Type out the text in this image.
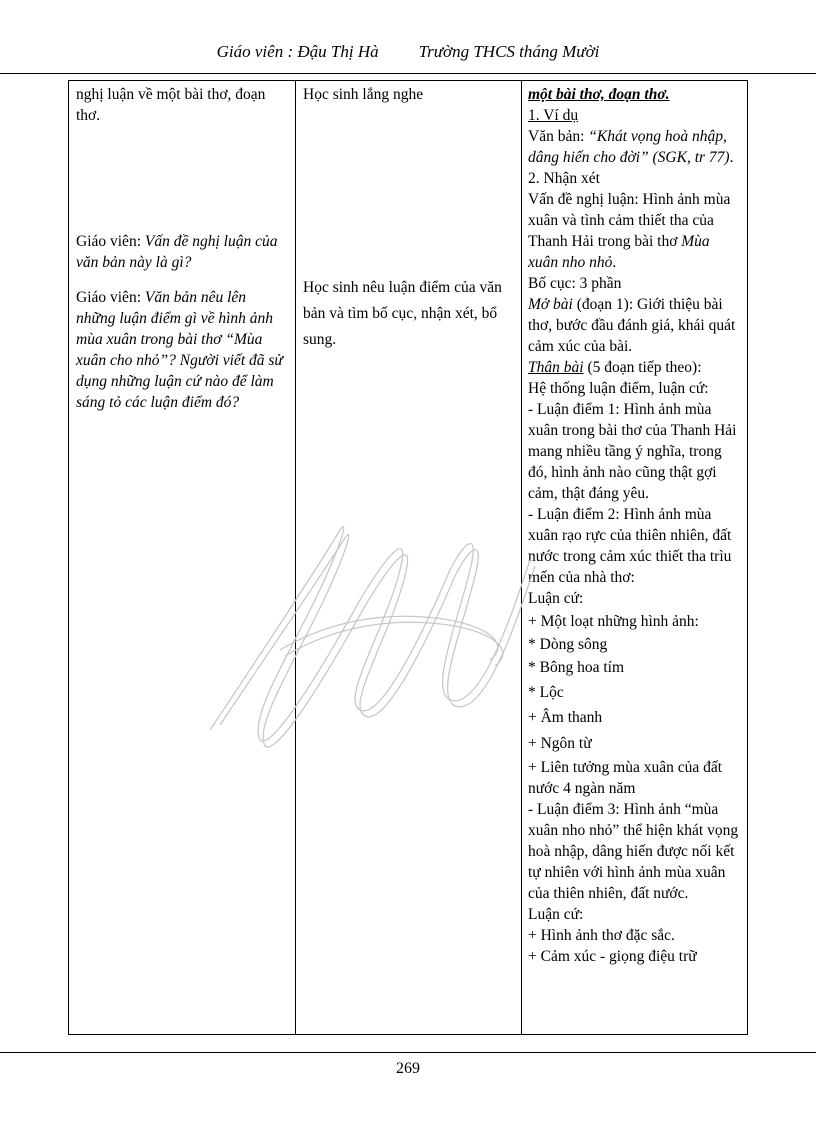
Giáo viên : Đậu Thị Hà Trường THCS tháng Mười

nghị luận về một bài thơ, đoạn thơ.

Giáo viên: Vấn đề nghị luận của văn bản này là gì?

Giáo viên: Văn bản nêu lên những luận điểm gì về hình ảnh mùa xuân trong bài thơ “Mùa xuân cho nhỏ”? Người viết đã sử dụng những luận cứ nào để làm sáng tỏ các luận điểm đó?

Học sinh lắng nghe

Học sinh nêu luận điểm của văn bản và tìm bố cục, nhận xét, bổ sung.

một bài thơ, đoạn thơ.

1. Ví dụ

Văn bản: “Khát vọng hoà nhập, dâng hiến cho đời” (SGK, tr 77).

2. Nhận xét

Vấn đề nghị luận: Hình ảnh mùa xuân và tình cảm thiết tha của Thanh Hải trong bài thơ Mùa xuân nho nhỏ.

Bố cục: 3 phần

Mở bài (đoạn 1): Giới thiệu bài thơ, bước đầu đánh giá, khái quát cảm xúc của bài.

Thân bài (5 đoạn tiếp theo):

Hệ thống luận điểm, luận cứ:

- Luận điểm 1: Hình ảnh mùa xuân trong bài thơ của Thanh Hải mang nhiều tầng ý nghĩa, trong đó, hình ảnh nào cũng thật gợi cảm, thật đáng yêu.

- Luận điểm 2: Hình ảnh mùa xuân rạo rực của thiên nhiên, đất nước trong cảm xúc thiết tha trìu mến của nhà thơ:

Luận cứ:

+ Một loạt những hình ảnh:

* Dòng sông

* Bông hoa tím

* Lộc

+ Âm thanh

+ Ngôn từ

+ Liên tưởng mùa xuân của đất nước 4 ngàn năm

- Luận điểm 3: Hình ảnh “mùa xuân nho nhỏ” thể hiện khát vọng hoà nhập, dâng hiến được nối kết tự nhiên với hình ảnh mùa xuân của thiên nhiên, đất nước.

Luận cứ:

+ Hình ảnh thơ đặc sắc.

+ Cảm xúc - giọng điệu trữ

269
